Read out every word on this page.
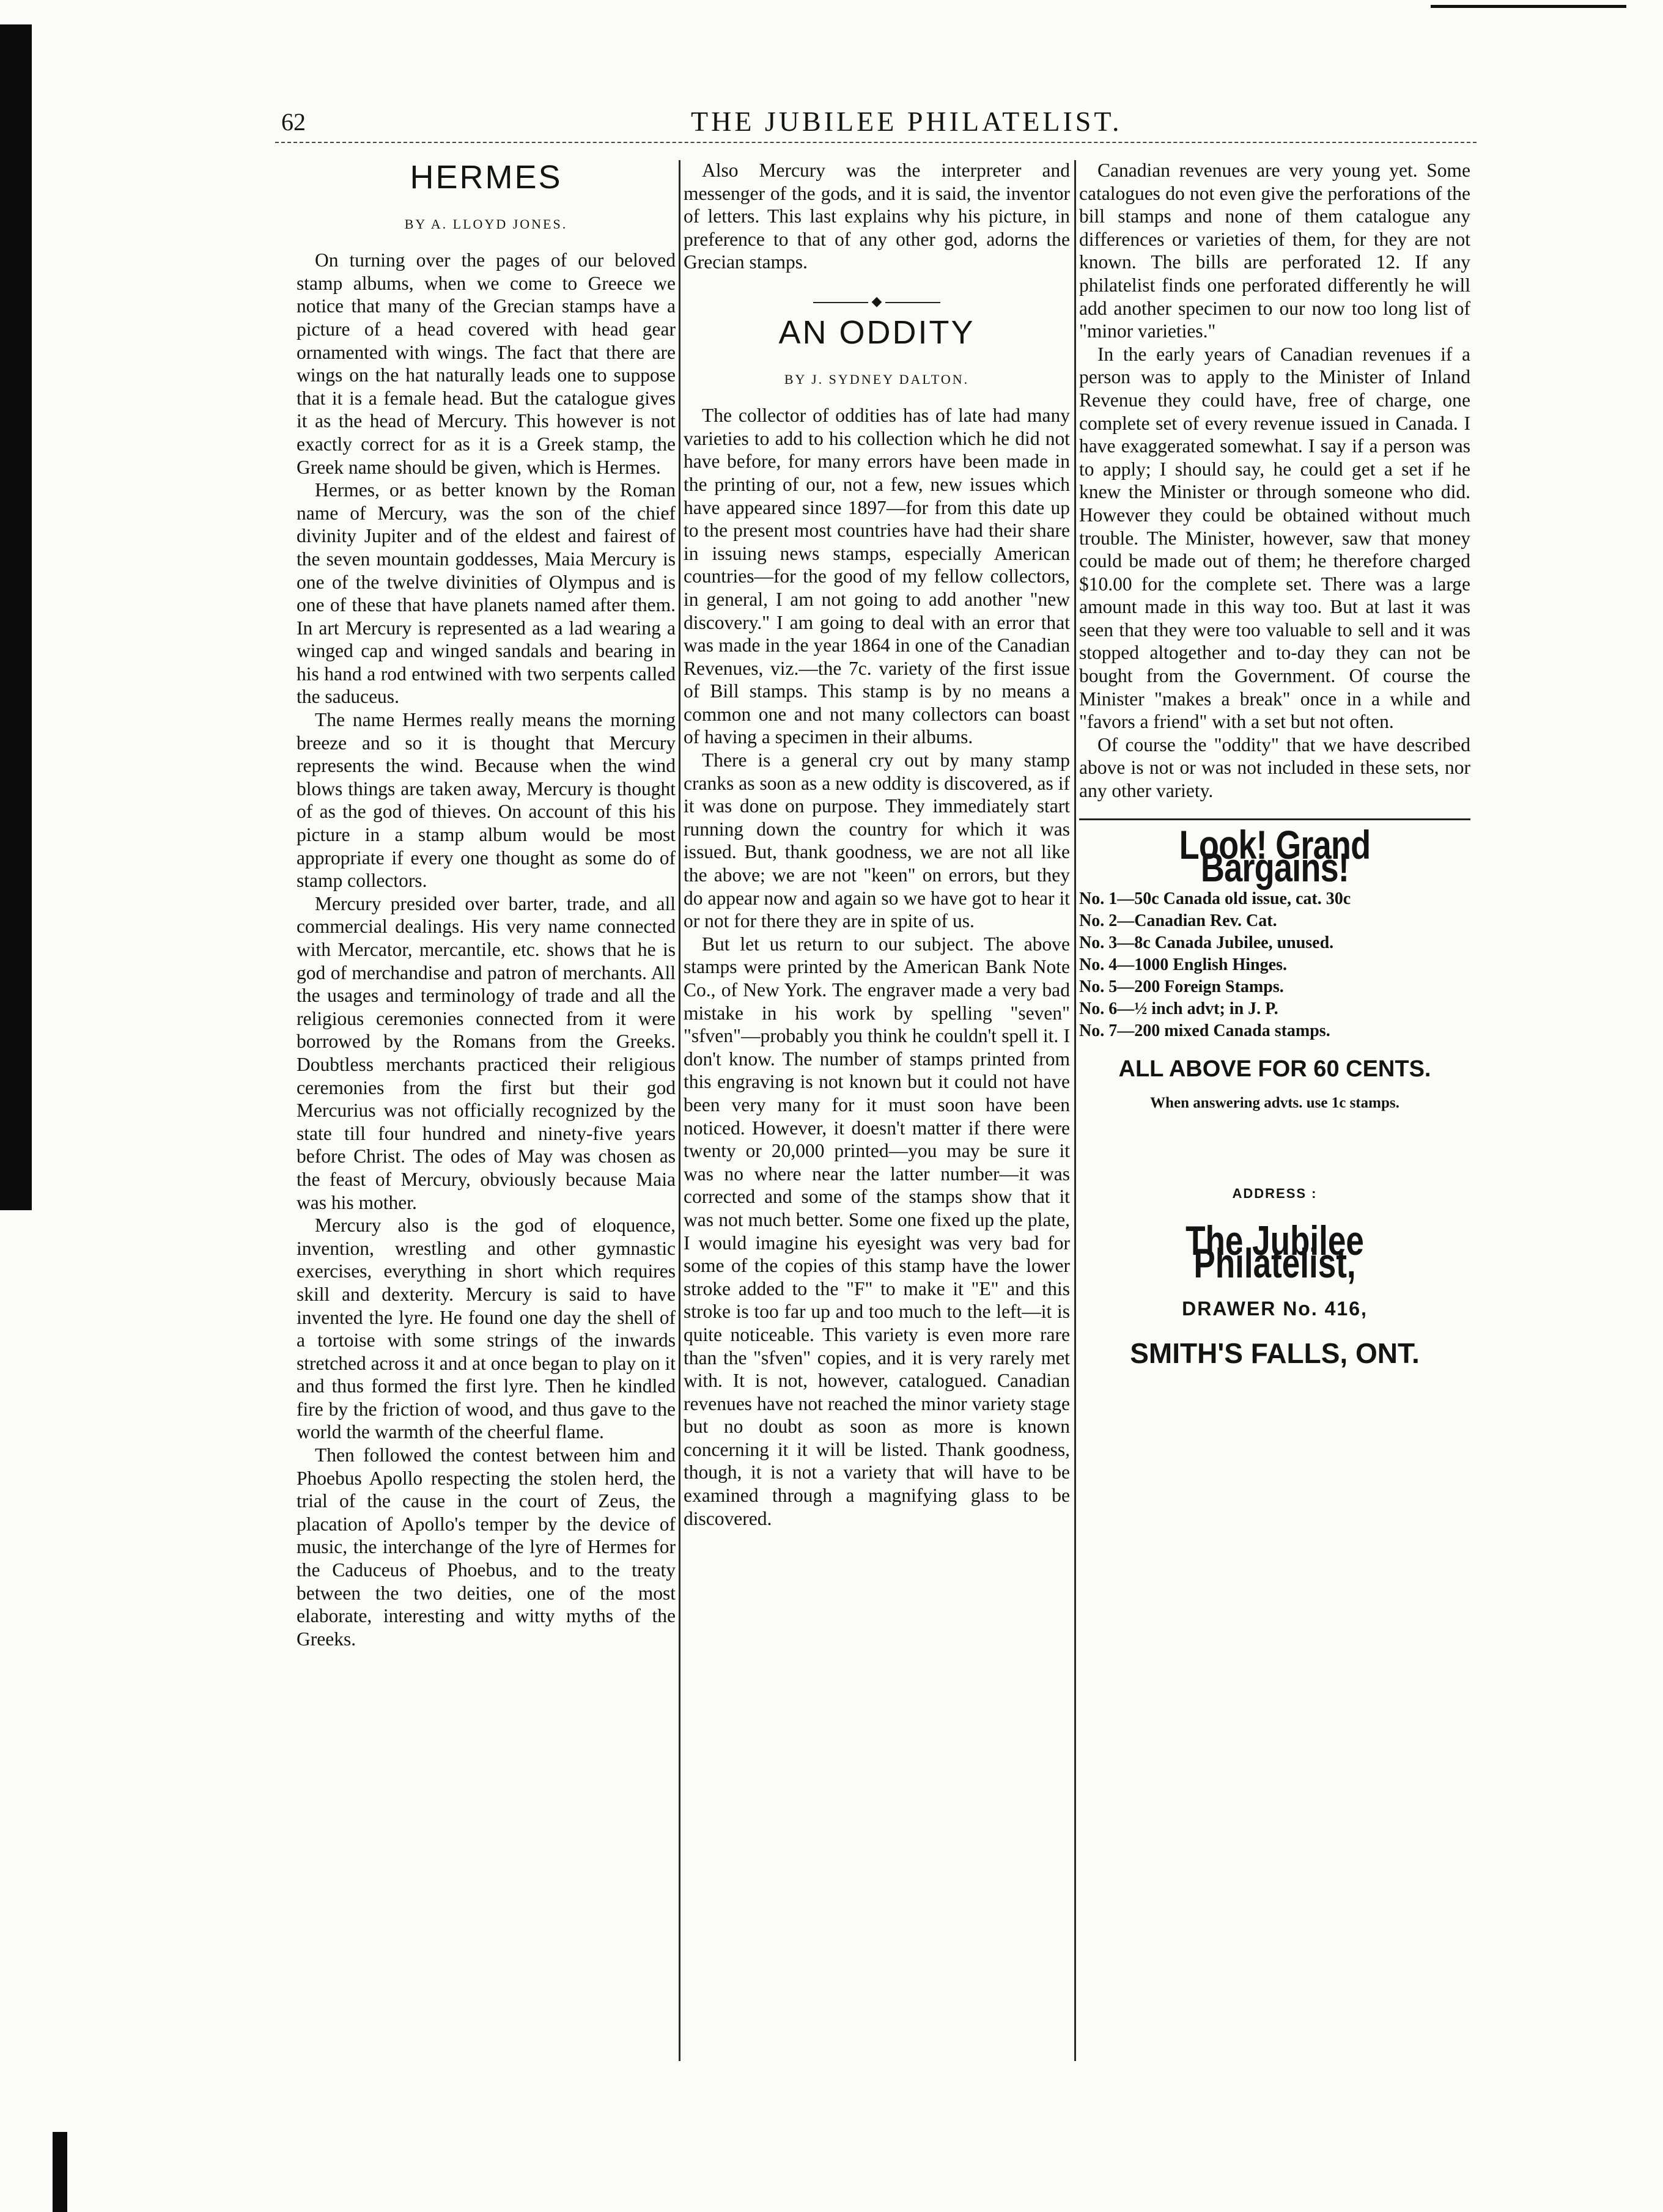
62	THE JUBILEE PHILATELIST.
HERMES
BY A. LLOYD JONES.

On turning over the pages of our beloved stamp albums, when we come to Greece we notice that many of the Grecian stamps have a picture of a head covered with head gear ornamented with wings. The fact that there are wings on the hat naturally leads one to suppose that it is a female head. But the catalogue gives it as the head of Mercury. This however is not exactly correct for as it is a Greek stamp, the Greek name should be given, which is Hermes.

Hermes, or as better known by the Roman name of Mercury, was the son of the chief divinity Jupiter and of the eldest and fairest of the seven mountain goddesses, Maia Mercury is one of the twelve divinities of Olympus and is one of these that have planets named after them. In art Mercury is represented as a lad wearing a winged cap and winged sandals and bearing in his hand a rod entwined with two serpents called the saduceus.

The name Hermes really means the morning breeze and so it is thought that Mercury represents the wind. Because when the wind blows things are taken away, Mercury is thought of as the god of thieves. On account of this his picture in a stamp album would be most appropriate if every one thought as some do of stamp collectors.

Mercury presided over barter, trade, and all commercial dealings. His very name connected with Mercator, mercantile, etc. shows that he is god of merchandise and patron of merchants. All the usages and terminology of trade and all the religious ceremonies connected from it were borrowed by the Romans from the Greeks. Doubtless merchants practiced their religious ceremonies from the first but their god Mercurius was not officially recognized by the state till four hundred and ninety-five years before Christ. The odes of May was chosen as the feast of Mercury, obviously because Maia was his mother.

Mercury also is the god of eloquence, invention, wrestling and other gymnastic exercises, everything in short which requires skill and dexterity. Mercury is said to have invented the lyre. He found one day the shell of a tortoise with some strings of the inwards stretched across it and at once began to play on it and thus formed the first lyre. Then he kindled fire by the friction of wood, and thus gave to the world the warmth of the cheerful flame.

Then followed the contest between him and Phoebus Apollo respecting the stolen herd, the trial of the cause in the court of Zeus, the placation of Apollo's temper by the device of music, the interchange of the lyre of Hermes for the Caduceus of Phoebus, and to the treaty between the two deities, one of the most elaborate, interesting and witty myths of the Greeks.

Also Mercury was the interpreter and messenger of the gods, and it is said, the inventor of letters. This last explains why his picture, in preference to that of any other god, adorns the Grecian stamps.

◆
AN ODDITY
BY J. SYDNEY DALTON.

The collector of oddities has of late had many varieties to add to his collection which he did not have before, for many errors have been made in the printing of our, not a few, new issues which have appeared since 1897—for from this date up to the present most countries have had their share in issuing news stamps, especially American countries—for the good of my fellow collectors, in general, I am not going to add another "new discovery." I am going to deal with an error that was made in the year 1864 in one of the Canadian Revenues, viz.—the 7c. variety of the first issue of Bill stamps. This stamp is by no means a common one and not many collectors can boast of having a specimen in their albums.

There is a general cry out by many stamp cranks as soon as a new oddity is discovered, as if it was done on purpose. They immediately start running down the country for which it was issued. But, thank goodness, we are not all like the above; we are not "keen" on errors, but they do appear now and again so we have got to hear it or not for there they are in spite of us.

But let us return to our subject. The above stamps were printed by the American Bank Note Co., of New York. The engraver made a very bad mistake in his work by spelling "seven" "sfven"—probably you think he couldn't spell it. I don't know. The number of stamps printed from this engraving is not known but it could not have been very many for it must soon have been noticed. However, it doesn't matter if there were twenty or 20,000 printed—you may be sure it was no where near the latter number—it was corrected and some of the stamps show that it was not much better. Some one fixed up the plate, I would imagine his eyesight was very bad for some of the copies of this stamp have the lower stroke added to the "F" to make it "E" and this stroke is too far up and too much to the left—it is quite noticeable. This variety is even more rare than the "sfven" copies, and it is very rarely met with. It is not, however, catalogued. Canadian revenues have not reached the minor variety stage but no doubt as soon as more is known concerning it it will be listed. Thank goodness, though, it is not a variety that will have to be examined through a magnifying glass to be discovered.

Canadian revenues are very young yet. Some catalogues do not even give the perforations of the bill stamps and none of them catalogue any differences or varieties of them, for they are not known. The bills are perforated 12. If any philatelist finds one perforated differently he will add another specimen to our now too long list of "minor varieties."

In the early years of Canadian revenues if a person was to apply to the Minister of Inland Revenue they could have, free of charge, one complete set of every revenue issued in Canada. I have exaggerated somewhat. I say if a person was to apply; I should say, he could get a set if he knew the Minister or through someone who did. However they could be obtained without much trouble. The Minister, however, saw that money could be made out of them; he therefore charged $10.00 for the complete set. There was a large amount made in this way too. But at last it was seen that they were too valuable to sell and it was stopped altogether and to-day they can not be bought from the Government. Of course the Minister "makes a break" once in a while and "favors a friend" with a set but not often.

Of course the "oddity" that we have described above is not or was not included in these sets, nor any other variety.

Look! Grand Bargains!
No. 1—50c Canada old issue, cat. 30c
No. 2—Canadian Rev. Cat.
No. 3—8c Canada Jubilee, unused.
No. 4—1000 English Hinges.
No. 5—200 Foreign Stamps.
No. 6—½ inch advt; in J. P.
No. 7—200 mixed Canada stamps.
ALL ABOVE FOR 60 CENTS.
When answering advts. use 1c stamps.
ADDRESS :
The Jubilee Philatelist,
DRAWER No. 416,
SMITH'S FALLS, ONT.
